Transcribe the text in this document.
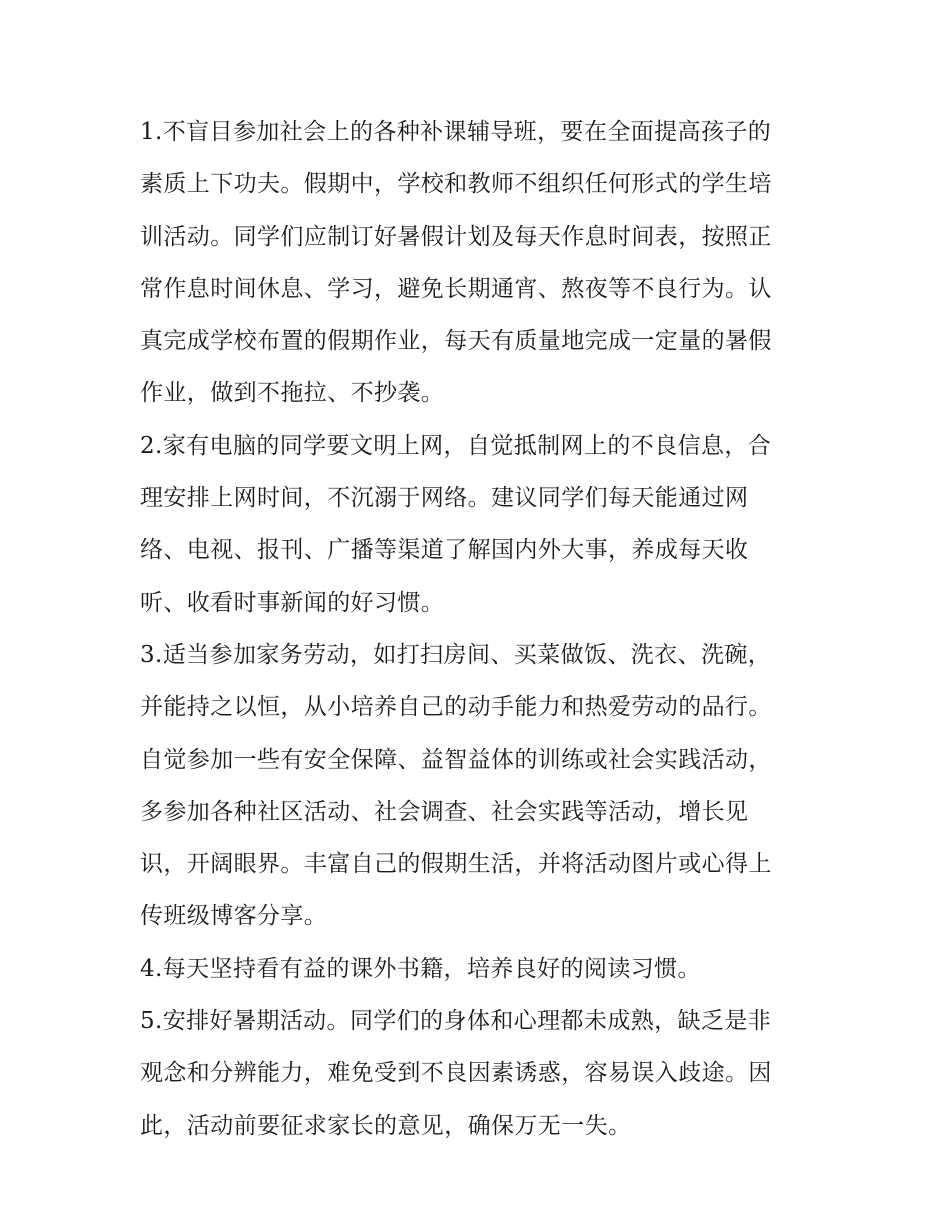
1.不盲目参加社会上的各种补课辅导班，要在全面提高孩子的
素质上下功夫。假期中，学校和教师不组织任何形式的学生培
训活动。同学们应制订好暑假计划及每天作息时间表，按照正
常作息时间休息、学习，避免长期通宵、熬夜等不良行为。认
真完成学校布置的假期作业，每天有质量地完成一定量的暑假
作业，做到不拖拉、不抄袭。
2.家有电脑的同学要文明上网，自觉抵制网上的不良信息，合
理安排上网时间，不沉溺于网络。建议同学们每天能通过网
络、电视、报刊、广播等渠道了解国内外大事，养成每天收
听、收看时事新闻的好习惯。
3.适当参加家务劳动，如打扫房间、买菜做饭、洗衣、洗碗，
并能持之以恒，从小培养自己的动手能力和热爱劳动的品行。
自觉参加一些有安全保障、益智益体的训练或社会实践活动，
多参加各种社区活动、社会调查、社会实践等活动，增长见
识，开阔眼界。丰富自己的假期生活，并将活动图片或心得上
传班级博客分享。
4.每天坚持看有益的课外书籍，培养良好的阅读习惯。
5.安排好暑期活动。同学们的身体和心理都未成熟，缺乏是非
观念和分辨能力，难免受到不良因素诱惑，容易误入歧途。因
此，活动前要征求家长的意见，确保万无一失。
